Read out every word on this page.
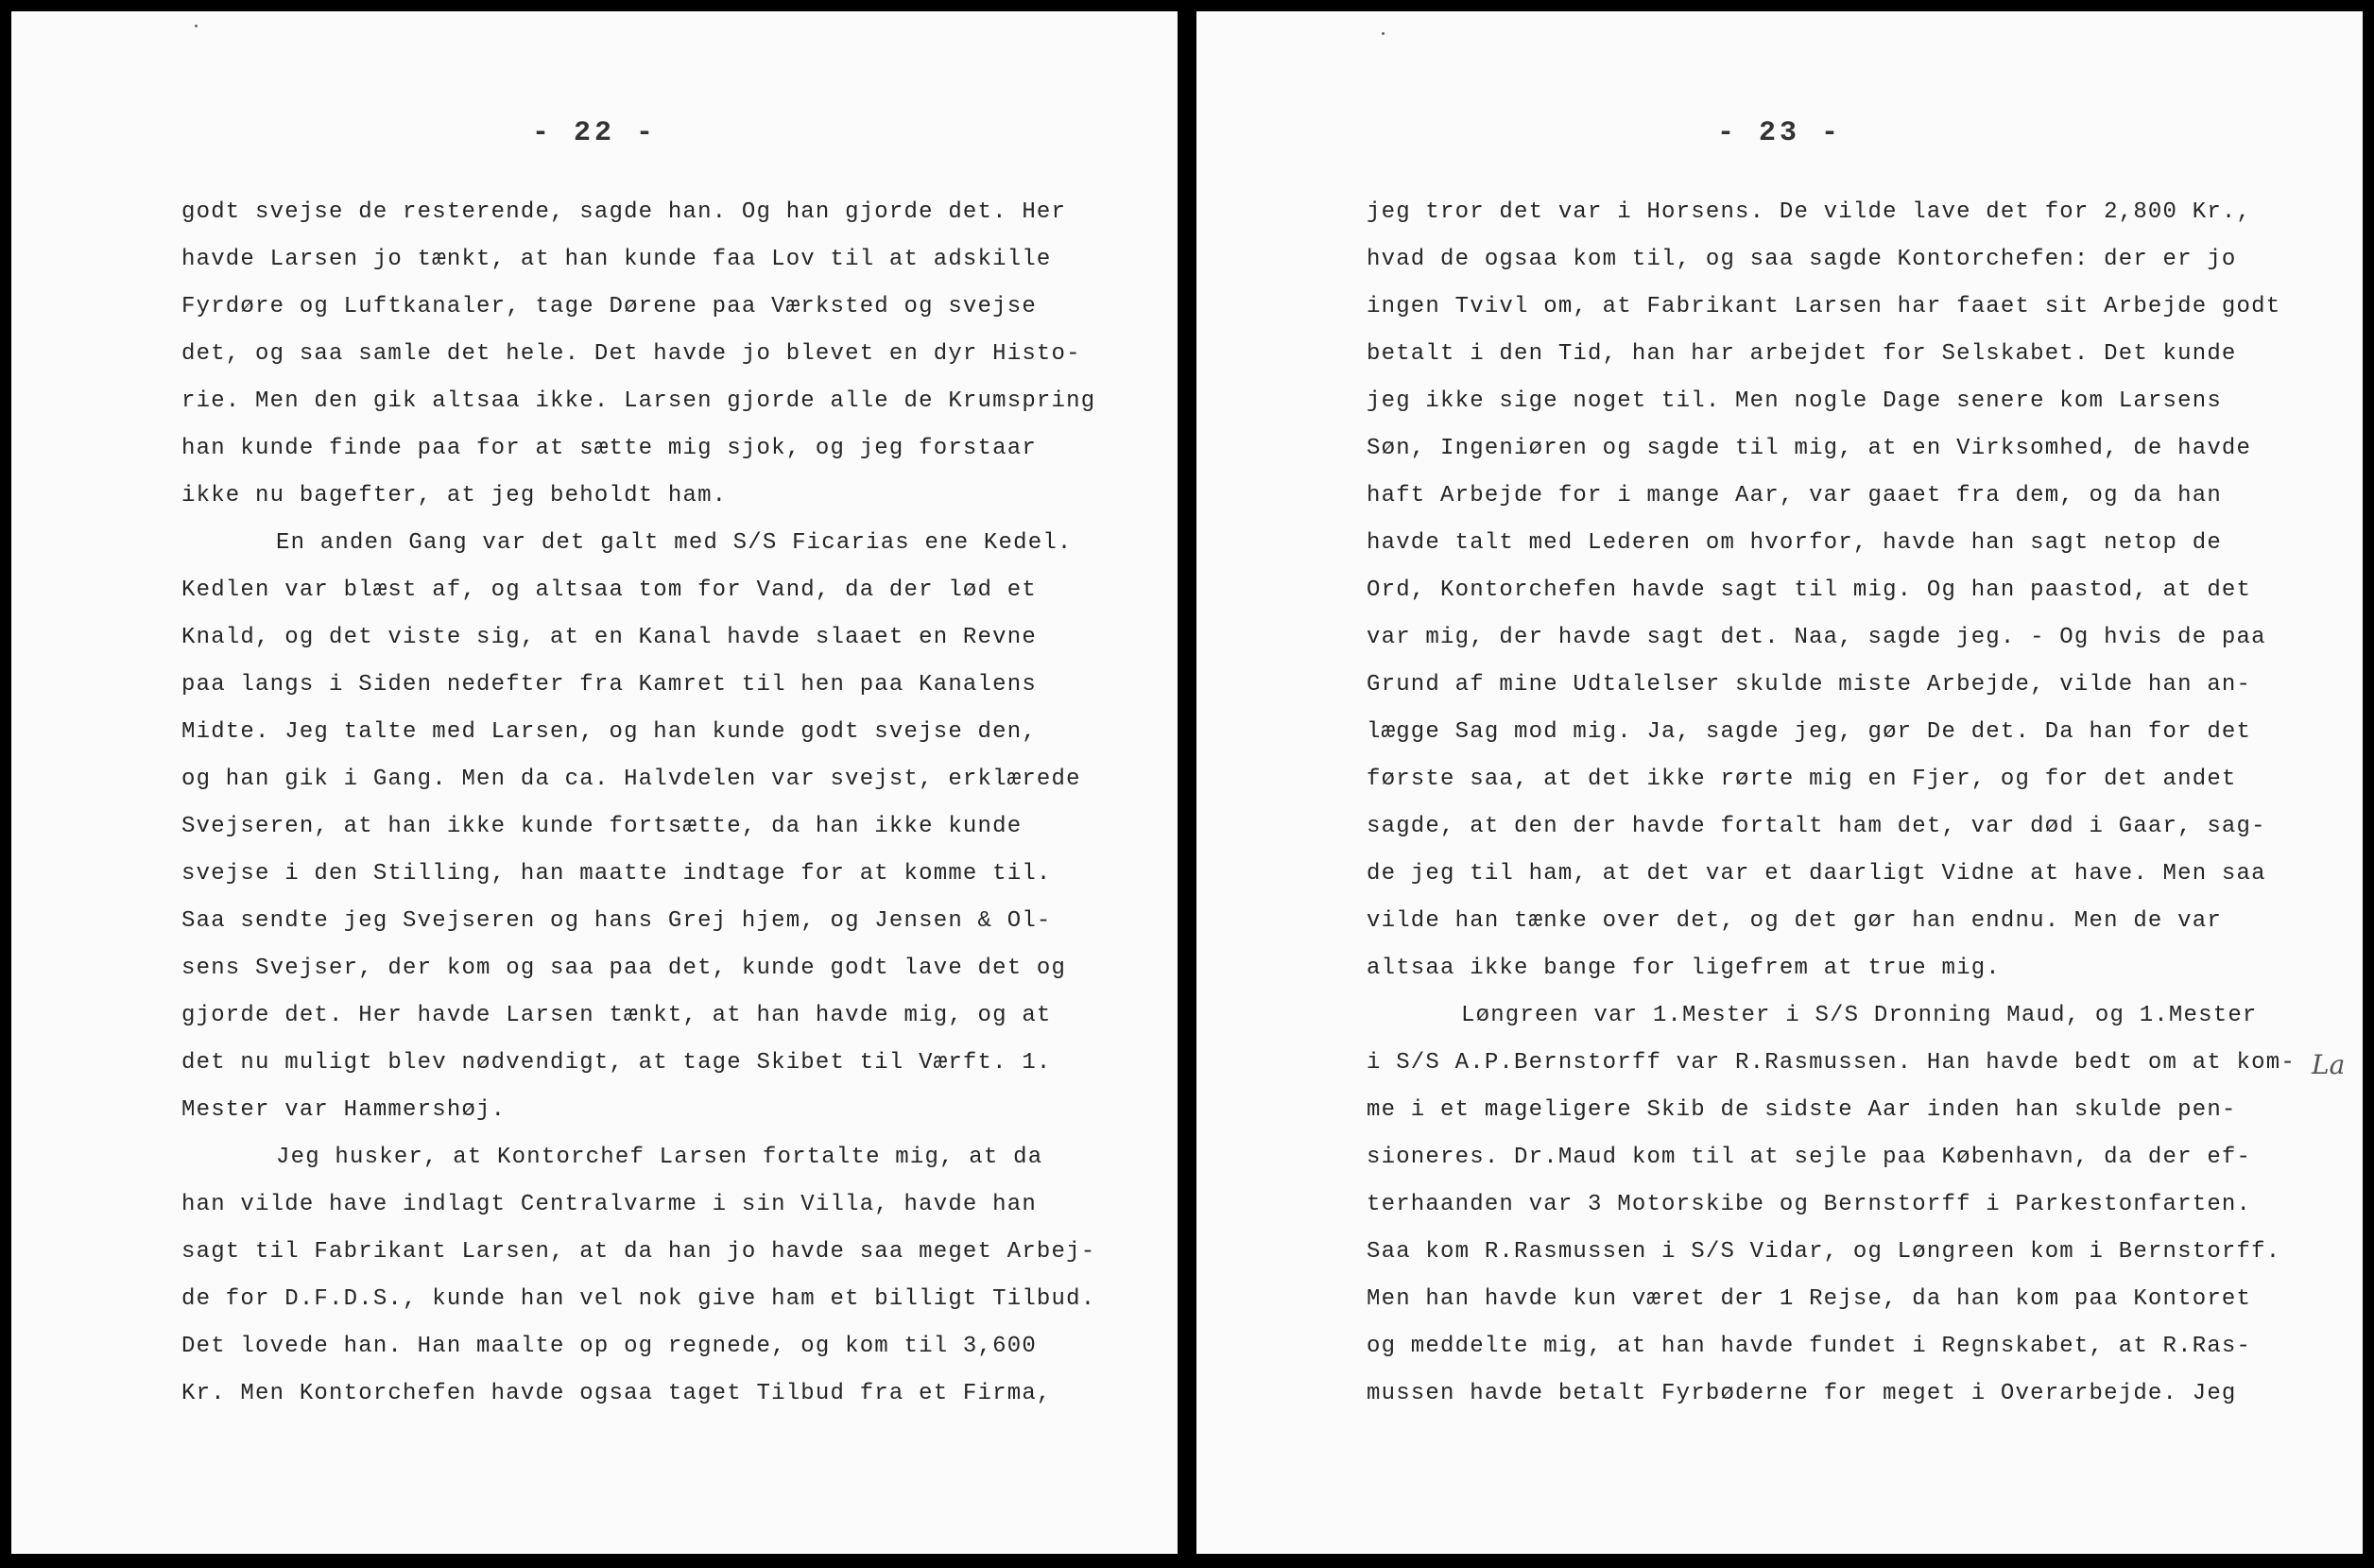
- 22 -
godt svejse de resterende, sagde han. Og han gjorde det. Her
havde Larsen jo tænkt, at han kunde faa Lov til at adskille
Fyrdøre og Luftkanaler, tage Dørene paa Værksted og svejse
det, og saa samle det hele. Det havde jo blevet en dyr Histo-
rie. Men den gik altsaa ikke. Larsen gjorde alle de Krumspring
han kunde finde paa for at sætte mig sjok, og jeg forstaar
ikke nu bagefter, at jeg beholdt ham.
En anden Gang var det galt med S/S Ficarias ene Kedel.
Kedlen var blæst af, og altsaa tom for Vand, da der lød et
Knald, og det viste sig, at en Kanal havde slaaet en Revne
paa langs i Siden nedefter fra Kamret til hen paa Kanalens
Midte. Jeg talte med Larsen, og han kunde godt svejse den,
og han gik i Gang. Men da ca. Halvdelen var svejst, erklærede
Svejseren, at han ikke kunde fortsætte, da han ikke kunde
svejse i den Stilling, han maatte indtage for at komme til.
Saa sendte jeg Svejseren og hans Grej hjem, og Jensen & Ol-
sens Svejser, der kom og saa paa det, kunde godt lave det og
gjorde det. Her havde Larsen tænkt, at han havde mig, og at
det nu muligt blev nødvendigt, at tage Skibet til Værft. 1.
Mester var Hammershøj.
Jeg husker, at Kontorchef Larsen fortalte mig, at da
han vilde have indlagt Centralvarme i sin Villa, havde han
sagt til Fabrikant Larsen, at da han jo havde saa meget Arbej-
de for D.F.D.S., kunde han vel nok give ham et billigt Tilbud.
Det lovede han. Han maalte op og regnede, og kom til 3,600
Kr. Men Kontorchefen havde ogsaa taget Tilbud fra et Firma,
- 23 -
jeg tror det var i Horsens. De vilde lave det for 2,800 Kr.,
hvad de ogsaa kom til, og saa sagde Kontorchefen: der er jo
ingen Tvivl om, at Fabrikant Larsen har faaet sit Arbejde godt
betalt i den Tid, han har arbejdet for Selskabet. Det kunde
jeg ikke sige noget til. Men nogle Dage senere kom Larsens
Søn, Ingeniøren og sagde til mig, at en Virksomhed, de havde
haft Arbejde for i mange Aar, var gaaet fra dem, og da han
havde talt med Lederen om hvorfor, havde han sagt netop de
Ord, Kontorchefen havde sagt til mig. Og han paastod, at det
var mig, der havde sagt det. Naa, sagde jeg. - Og hvis de paa
Grund af mine Udtalelser skulde miste Arbejde, vilde han an-
lægge Sag mod mig. Ja, sagde jeg, gør De det. Da han for det
første saa, at det ikke rørte mig en Fjer, og for det andet
sagde, at den der havde fortalt ham det, var død i Gaar, sag-
de jeg til ham, at det var et daarligt Vidne at have. Men saa
vilde han tænke over det, og det gør han endnu. Men de var
altsaa ikke bange for ligefrem at true mig.
Løngreen var 1.Mester i S/S Dronning Maud, og 1.Mester
i S/S A.P.Bernstorff var R.Rasmussen. Han havde bedt om at kom-
me i et mageligere Skib de sidste Aar inden han skulde pen-
sioneres. Dr.Maud kom til at sejle paa København, da der ef-
terhaanden var 3 Motorskibe og Bernstorff i Parkestonfarten.
Saa kom R.Rasmussen i S/S Vidar, og Løngreen kom i Bernstorff.
Men han havde kun været der 1 Rejse, da han kom paa Kontoret
og meddelte mig, at han havde fundet i Regnskabet, at R.Ras-
mussen havde betalt Fyrbøderne for meget i Overarbejde. Jeg
La
